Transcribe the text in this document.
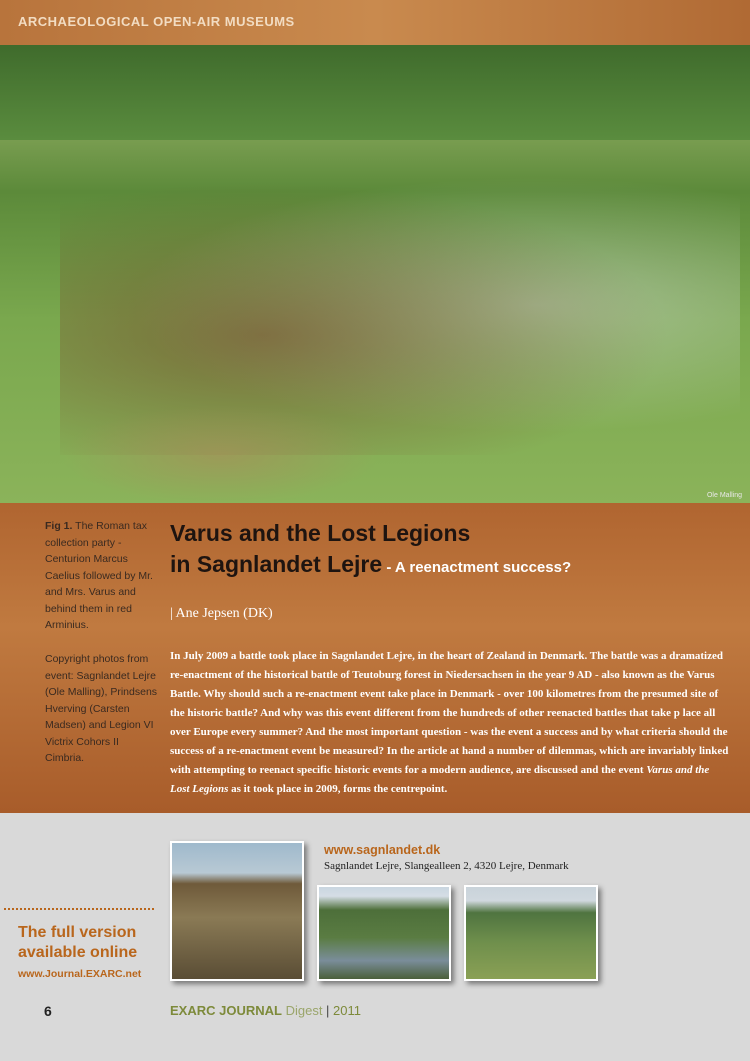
ARCHAEOLOGICAL OPEN-AIR MUSEUMS
Ole Malling
Fig 1. The Roman tax collection party - Centurion Marcus Caelius followed by Mr. and Mrs. Varus and behind them in red Arminius.
Copyright photos from event: Sagnlandet Lejre (Ole Malling), Prindsens Hverving (Carsten Madsen) and Legion VI Victrix Cohors II Cimbria.
Varus and the Lost Legions
in Sagnlandet Lejre - A reenactment success?
| Ane Jepsen (DK)
In July 2009 a battle took place in Sagnlandet Lejre, in the heart of Zealand in Denmark. The battle was a dramatized re-enactment of the historical battle of Teutoburg forest in Niedersachsen in the year 9 AD - also known as the Varus Battle. Why should such a re-enactment event take place in Denmark - over 100 kilometres from the presumed site of the historic battle? And why was this event different from the hundreds of other reenacted battles that take p lace all over Europe every summer? And the most important question - was the event a success and by what criteria should the success of a re-enactment event be measured? In the article at hand a number of dilemmas, which are invariably linked with attempting to reenact specific historic events for a modern audience, are discussed and the event Varus and the Lost Legions as it took place in 2009, forms the centrepoint.
www.sagnlandet.dk
Sagnlandet Lejre, Slangealleen 2, 4320 Lejre, Denmark
The full version
available online
www.Journal.EXARC.net
6	EXARC JOURNAL Digest | 2011
